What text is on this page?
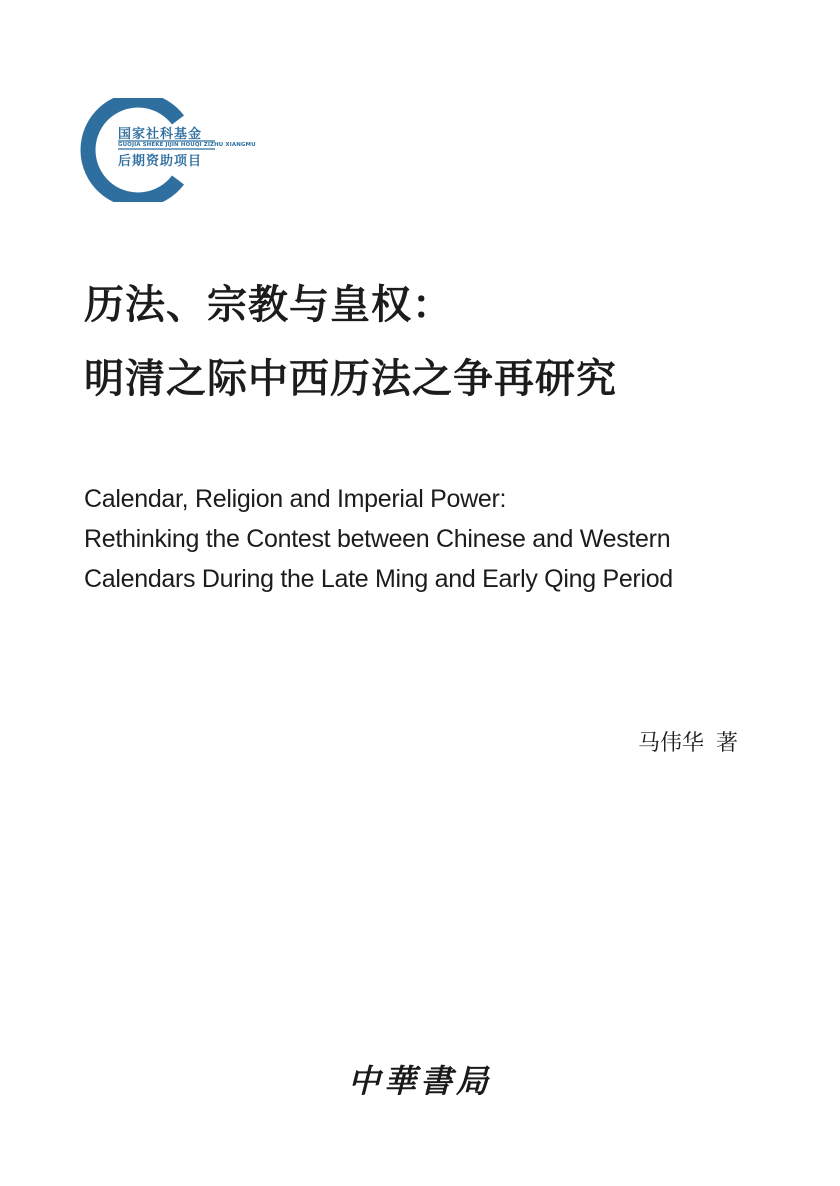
国家社科基金
GUOJIA SHEKE JIJIN HOUQI ZIZHU XIANGMU
后期资助项目
历法、宗教与皇权：
明清之际中西历法之争再研究
Calendar, Religion and Imperial Power:
Rethinking the Contest between Chinese and Western
Calendars During the Late Ming and Early Qing Period
马伟华 著
中華書局
